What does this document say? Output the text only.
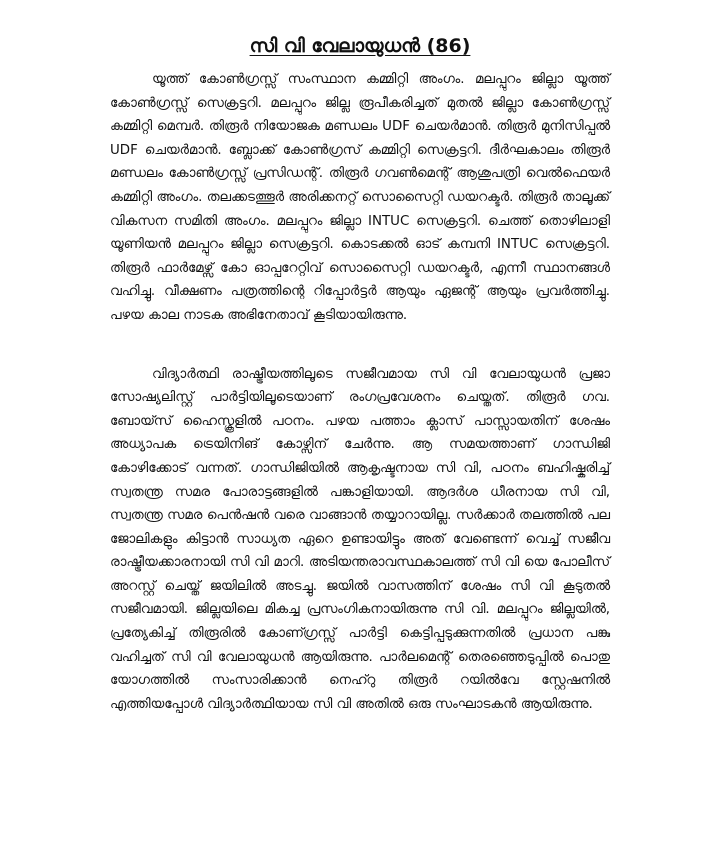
സി വി വേലായുധൻ (86)

യൂത്ത് കോൺഗ്രസ്സ് സംസ്ഥാന കമ്മിറ്റി അംഗം. മലപ്പുറം ജില്ലാ യൂത്ത് കോൺഗ്രസ്സ് സെക്രട്ടറി. മലപ്പുറം ജില്ല രൂപീകരിച്ചത് മുതൽ ജില്ലാ കോൺഗ്രസ്സ് കമ്മിറ്റി മെമ്പർ. തിരൂർ നിയോജക മണ്ഡലം UDF ചെയർമാൻ. തിരൂർ മുനിസിപ്പൽ UDF ചെയർമാൻ. ബ്ലോക്ക് കോൺഗ്രസ് കമ്മിറ്റി സെക്രട്ടറി. ദീർഘകാലം തിരൂർ മണ്ഡലം കോൺഗ്രസ്സ് പ്രസിഡന്റ്. തിരൂർ ഗവൺമെന്റ് ആശുപത്രി വെൽഫെയർ കമ്മിറ്റി അംഗം. തലക്കടത്തൂർ അരിക്കനറ്റ് സൊസൈറ്റി ഡയറക്ടർ. തിരൂർ താലൂക്ക് വികസന സമിതി അംഗം. മലപ്പുറം ജില്ലാ INTUC സെക്രട്ടറി. ചെത്ത് തൊഴിലാളി യൂണിയൻ മലപ്പുറം ജില്ലാ സെക്രട്ടറി. കൊടക്കൽ ഓട് കമ്പനി INTUC സെക്രട്ടറി. തിരൂർ ഫാർമേഴ്സ് കോ ഓപ്പറേറ്റിവ് സൊസൈറ്റി ഡയറക്ടർ, എന്നീ സ്ഥാനങ്ങൾ വഹിച്ചു. വീക്ഷണം പത്രത്തിന്റെ റിപ്പോർട്ടർ ആയും ഏജന്റ് ആയും പ്രവർത്തിച്ചു. പഴയ കാല നാടക അഭിനേതാവ് കൂടിയായിരുന്നു.

വിദ്യാർത്ഥി രാഷ്ട്രീയത്തിലൂടെ സജീവമായ സി വി വേലായുധൻ പ്രജാ സോഷ്യലിസ്റ്റ് പാർട്ടിയിലൂടെയാണ് രംഗപ്രവേശനം ചെയ്തത്. തിരൂർ ഗവ. ബോയ്സ് ഹൈസ്കൂളിൽ പഠനം. പഴയ പത്താം ക്ലാസ് പാസ്സായതിന് ശേഷം അധ്യാപക ട്രെയിനിങ് കോഴ്സിന് ചേർന്നു. ആ സമയത്താണ് ഗാന്ധിജി കോഴിക്കോട് വന്നത്. ഗാന്ധിജിയിൽ ആകൃഷ്ടനായ സി വി, പഠനം ബഹിഷ്കരിച്ച് സ്വതന്ത്ര സമര പോരാട്ടങ്ങളിൽ പങ്കാളിയായി. ആദർശ ധീരനായ സി വി, സ്വതന്ത്ര സമര പെൻഷൻ വരെ വാങ്ങാൻ തയ്യാറായില്ല. സർക്കാർ തലത്തിൽ പല ജോലികളും കിട്ടാൻ സാധ്യത ഏറെ ഉണ്ടായിട്ടും അത് വേണ്ടെന്ന് വെച്ച് സജീവ രാഷ്ട്രീയക്കാരനായി സി വി മാറി. അടിയന്തരാവസ്ഥകാലത്ത് സി വി യെ പോലീസ് അറസ്റ്റ് ചെയ്ത് ജയിലിൽ അടച്ചു. ജയിൽ വാസത്തിന് ശേഷം സി വി കൂടുതൽ സജീവമായി. ജില്ലയിലെ മികച്ച പ്രസംഗികനായിരുന്നു സി വി. മലപ്പുറം ജില്ലയിൽ, പ്രത്യേകിച്ച് തിരൂരിൽ കോണ്ഗ്രസ്സ് പാർട്ടി കെട്ടിപ്പടുക്കുന്നതിൽ പ്രധാന പങ്കു വഹിച്ചത് സി വി വേലായുധൻ ആയിരുന്നു. പാർലമെന്റ് തെരഞ്ഞെടുപ്പിൽ പൊതു യോഗത്തിൽ സംസാരിക്കാൻ നെഹ്റു തിരൂർ റയിൽവേ സ്റ്റേഷനിൽ എത്തിയപ്പോൾ വിദ്യാർത്ഥിയായ സി വി അതിൽ ഒരു സംഘാടകൻ ആയിരുന്നു.
